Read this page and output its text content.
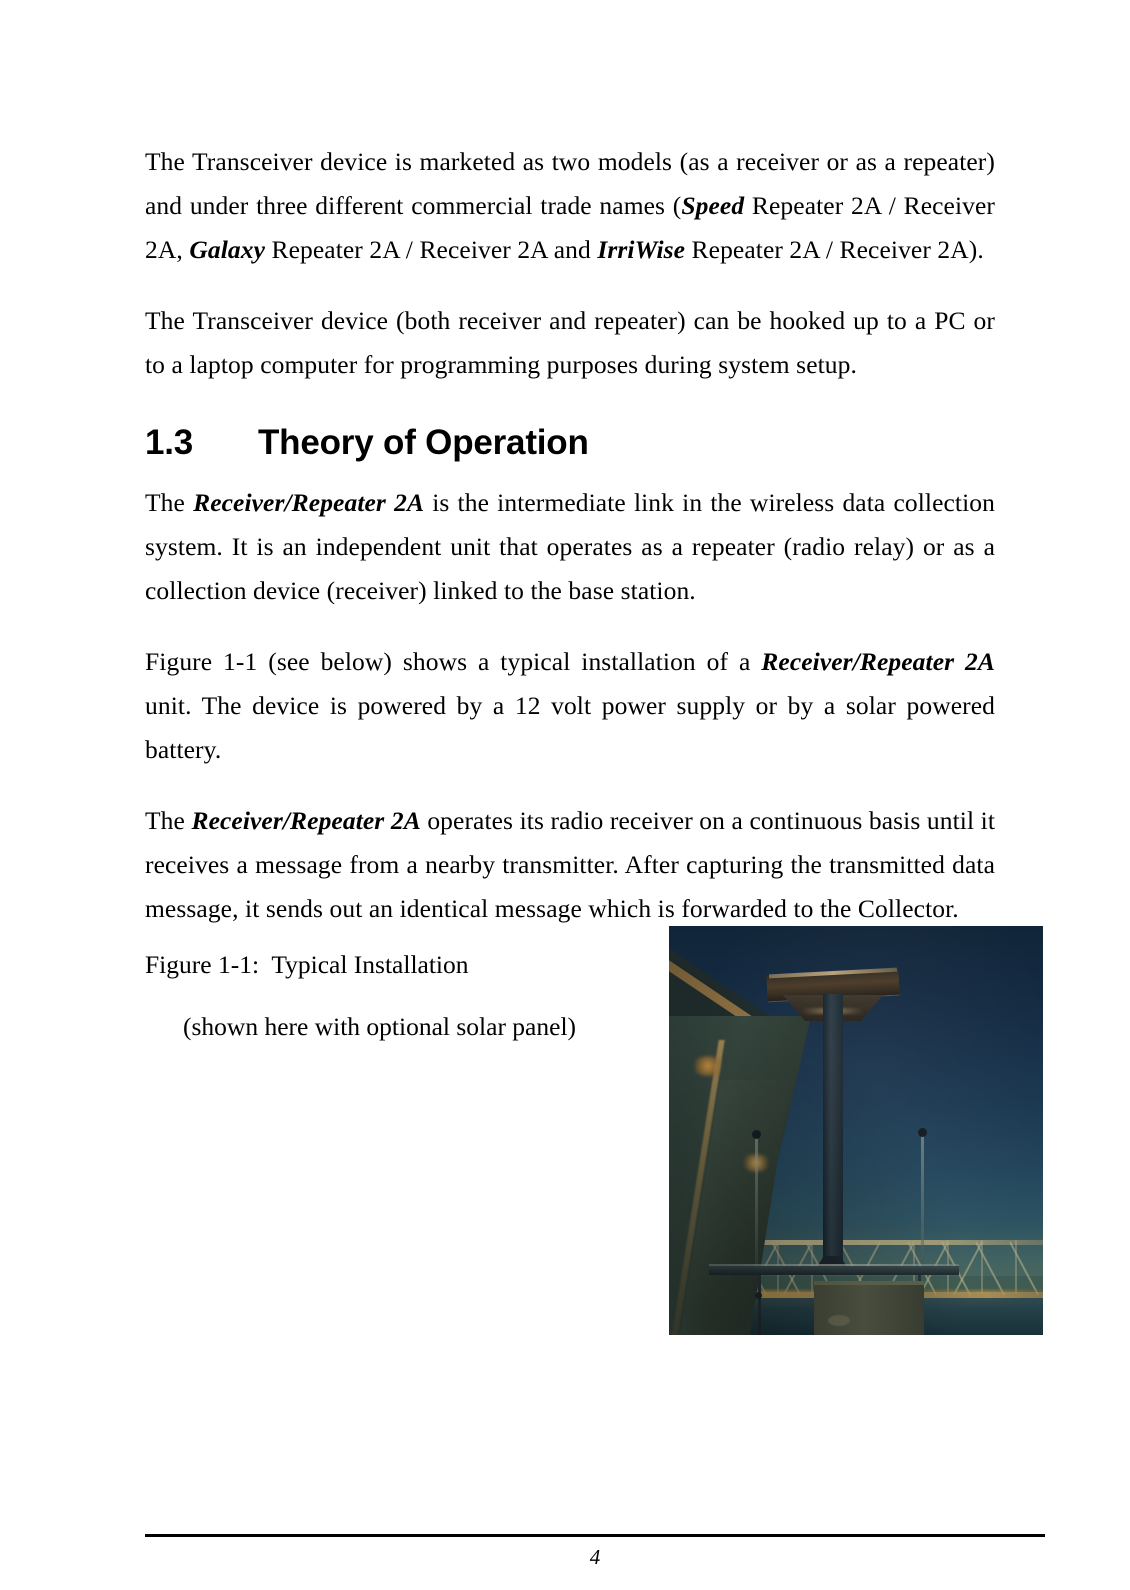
The Transceiver device is marketed as two models (as a receiver or as a repeater) and under three different commercial trade names (Speed Repeater 2A / Receiver 2A, Galaxy Repeater 2A / Receiver 2A and IrriWise Repeater 2A / Receiver 2A).

The Transceiver device (both receiver and repeater) can be hooked up to a PC or to a laptop computer for programming purposes during system setup.

1.3	Theory of Operation

The Receiver/Repeater 2A is the intermediate link in the wireless data collection system. It is an independent unit that operates as a repeater (radio relay) or as a collection device (receiver) linked to the base station.

Figure 1-1 (see below) shows a typical installation of a Receiver/Repeater 2A unit. The device is powered by a 12 volt power supply or by a solar powered battery.

The Receiver/Repeater 2A operates its radio receiver on a continuous basis until it receives a message from a nearby transmitter. After capturing the transmitted data message, it sends out an identical message which is forwarded to the Collector.

Figure 1-1:  Typical Installation

(shown here with optional solar panel)

4
